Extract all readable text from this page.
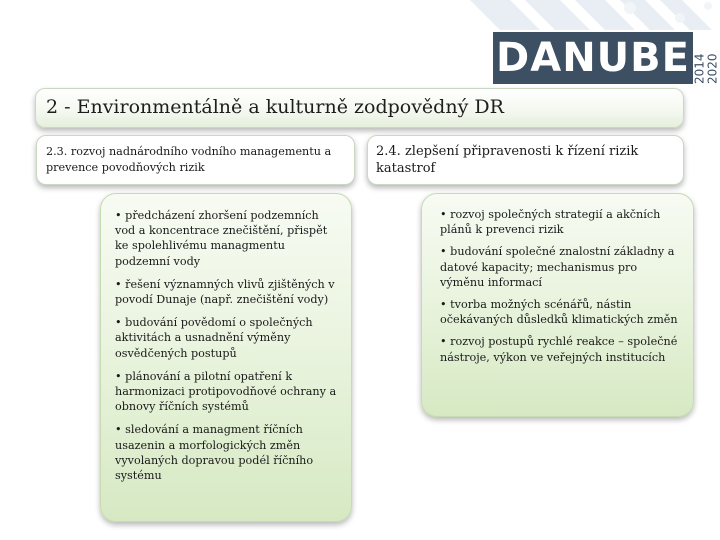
DANUBE 2014 2020
2 - Environmentálně a kulturně zodpovědný DR
2.3. rozvoj nadnárodního vodního managementu a prevence povodňových rizik
2.4. zlepšení připravenosti k řízení rizik katastrof
• předcházení zhoršení podzemních vod a koncentrace znečištění, přispět ke spolehlivému managmentu podzemní vody
• řešení významných vlivů zjištěných v povodí Dunaje (např. znečištění vody)
• budování povědomí o společných aktivitách a usnadnění výměny osvědčených postupů
• plánování a pilotní opatření k harmonizaci protipovodňové ochrany a obnovy říčních systémů
• sledování a managment říčních usazenin a morfologických změn vyvolaných dopravou podél říčního systému
• rozvoj společných strategií a akčních plánů k prevenci rizik
• budování společné znalostní základny a datové kapacity; mechanismus pro výměnu informací
• tvorba možných scénářů, nástin očekávaných důsledků klimatických změn
• rozvoj postupů rychlé reakce – společné nástroje, výkon ve veřejných institucích
